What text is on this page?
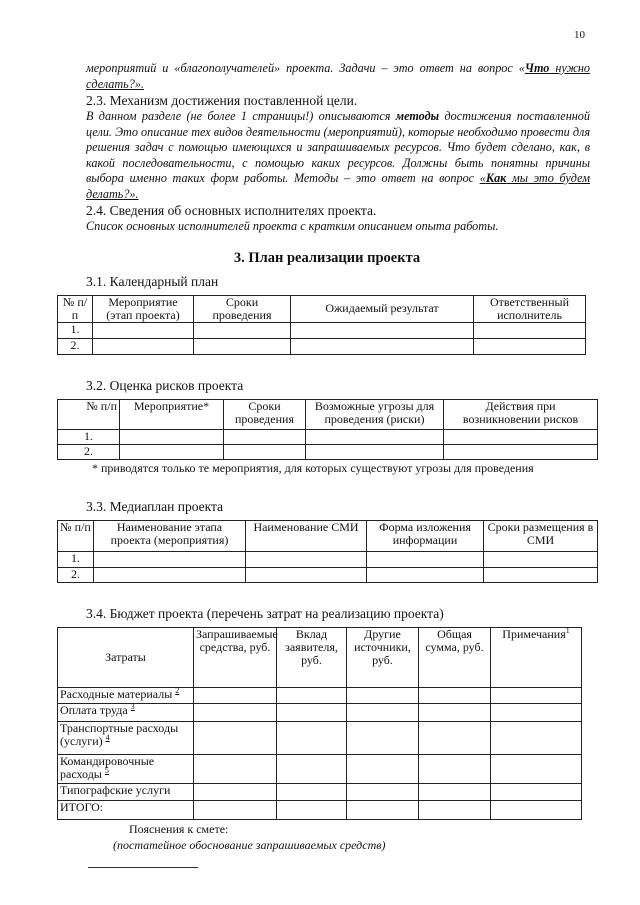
10
мероприятий и «благополучателей» проекта. Задачи – это ответ на вопрос «Что нужно сделать?».
2.3. Механизм достижения поставленной цели.
В данном разделе (не более 1 страницы!) описываются методы достижения поставленной цели. Это описание тех видов деятельности (мероприятий), которые необходимо провести для решения задач с помощью имеющихся и запрашиваемых ресурсов. Что будет сделано, как, в какой последовательности, с помощью каких ресурсов. Должны быть понятны причины выбора именно таких форм работы. Методы – это ответ на вопрос «Как мы это будем делать?».
2.4. Сведения об основных исполнителях проекта.
Список основных исполнителей проекта с кратким описанием опыта работы.
3. План реализации проекта
3.1. Календарный план
№ п/п	Мероприятие (этап проекта)	Сроки проведения	Ожидаемый результат	Ответственный исполнитель
1.				
2.				
3.2. Оценка рисков проекта
№ п/п	Мероприятие*	Сроки проведения	Возможные угрозы для проведения (риски)	Действия при возникновении рисков
1.				
2.				
* приводятся только те мероприятия, для которых существуют угрозы для проведения
3.3. Медиаплан проекта
№ п/п	Наименование этапа проекта (мероприятия)	Наименование СМИ	Форма изложения информации	Сроки размещения в СМИ
1.				
2.				
3.4. Бюджет проекта (перечень затрат на реализацию проекта)
Затраты	Запрашиваемые средства, руб.	Вклад заявителя, руб.	Другие источники, руб.	Общая сумма, руб.	Примечания$^1$
Расходные материалы $^2$					
Оплата труда $^3$					
Транспортные расходы (услуги) $^4$					
Командировочные расходы $^5$					
Типографские услуги					
ИТОГО:					
Пояснения к смете:
(постатейное обоснование запрашиваемых средств)
